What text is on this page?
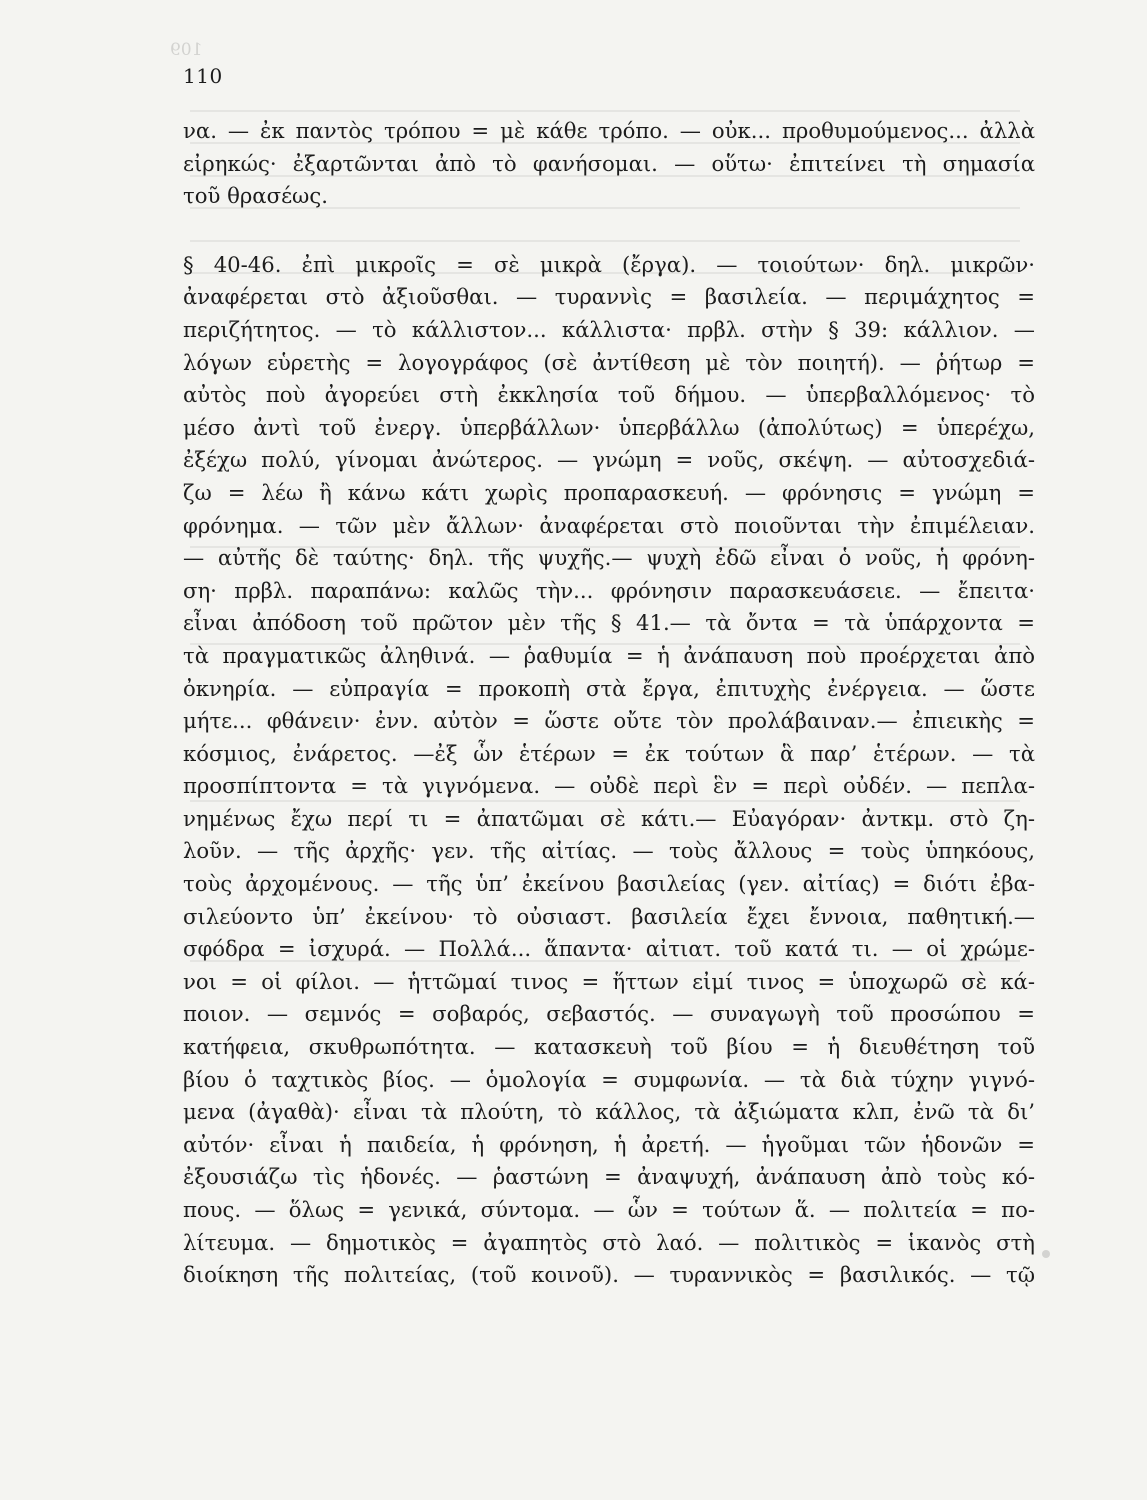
109
110
να. — ἐκ παντὸς τρόπου = μὲ κάθε τρόπο. — οὐκ... προθυμούμενος... ἀλλὰ
εἰρηκώς· ἐξαρτῶνται ἀπὸ τὸ φανήσομαι. — οὕτω· ἐπιτείνει τὴ σημασία
τοῦ θρασέως.
§ 40-46. ἐπὶ μικροῖς = σὲ μικρὰ (ἔργα). — τοιούτων· δηλ. μικρῶν·
ἀναφέρεται στὸ ἀξιοῦσθαι. — τυραννὶς = βασιλεία. — περιμάχητος =
περιζήτητος. — τὸ κάλλιστον... κάλλιστα· πρβλ. στὴν § 39: κάλλιον. —
λόγων εὑρετὴς = λογογράφος (σὲ ἀντίθεση μὲ τὸν ποιητή). — ῥήτωρ =
αὐτὸς ποὺ ἀγορεύει στὴ ἐκκλησία τοῦ δήμου. — ὑπερβαλλόμενος· τὸ
μέσο ἀντὶ τοῦ ἐνεργ. ὑπερβάλλων· ὑπερβάλλω (ἀπολύτως) = ὑπερέχω,
ἐξέχω πολύ, γίνομαι ἀνώτερος. — γνώμη = νοῦς, σκέψη. — αὐτοσχεδιά-
ζω = λέω ἢ κάνω κάτι χωρὶς προπαρασκευή. — φρόνησις = γνώμη =
φρόνημα. — τῶν μὲν ἄλλων· ἀναφέρεται στὸ ποιοῦνται τὴν ἐπιμέλειαν.
— αὐτῆς δὲ ταύτης· δηλ. τῆς ψυχῆς.— ψυχὴ ἐδῶ εἶναι ὁ νοῦς, ἡ φρόνη-
ση· πρβλ. παραπάνω: καλῶς τὴν... φρόνησιν παρασκευάσειε. — ἔπειτα·
εἶναι ἀπόδοση τοῦ πρῶτον μὲν τῆς § 41.— τὰ ὄντα = τὰ ὑπάρχοντα =
τὰ πραγματικῶς ἀληθινά. — ῥαθυμία = ἡ ἀνάπαυση ποὺ προέρχεται ἀπὸ
ὀκνηρία. — εὐπραγία = προκοπὴ στὰ ἔργα, ἐπιτυχὴς ἐνέργεια. — ὥστε
μήτε... φθάνειν· ἐνν. αὐτὸν = ὥστε οὔτε τὸν προλάβαιναν.— ἐπιεικὴς =
κόσμιος, ἐνάρετος. —ἐξ ὧν ἑτέρων = ἐκ τούτων ἃ παρ’ ἑτέρων. — τὰ
προσπίπτοντα = τὰ γιγνόμενα. — οὐδὲ περὶ ἓν = περὶ οὐδέν. — πεπλα-
νημένως ἔχω περί τι = ἀπατῶμαι σὲ κάτι.— Εὐαγόραν· ἀντκμ. στὸ ζη-
λοῦν. — τῆς ἀρχῆς· γεν. τῆς αἰτίας. — τοὺς ἄλλους = τοὺς ὑπηκόους,
τοὺς ἀρχομένους. — τῆς ὑπ’ ἐκείνου βασιλείας (γεν. αἰτίας) = διότι ἐβα-
σιλεύοντο ὑπ’ ἐκείνου· τὸ οὐσιαστ. βασιλεία ἔχει ἔννοια, παθητική.—
σφόδρα = ἰσχυρά. — Πολλά... ἅπαντα· αἰτιατ. τοῦ κατά τι. — οἱ χρώμε-
νοι = οἱ φίλοι. — ἡττῶμαί τινος = ἥττων εἰμί τινος = ὑποχωρῶ σὲ κά-
ποιον. — σεμνός = σοβαρός, σεβαστός. — συναγωγὴ τοῦ προσώπου =
κατήφεια, σκυθρωπότητα. — κατασκευὴ τοῦ βίου = ἡ διευθέτηση τοῦ
βίου ὁ ταχτικὸς βίος. — ὁμολογία = συμφωνία. — τὰ διὰ τύχην γιγνό-
μενα (ἀγαθὰ)· εἶναι τὰ πλούτη, τὸ κάλλος, τὰ ἀξιώματα κλπ, ἐνῶ τὰ δι’
αὐτόν· εἶναι ἡ παιδεία, ἡ φρόνηση, ἡ ἀρετή. — ἡγοῦμαι τῶν ἡδονῶν =
ἐξουσιάζω τὶς ἡδονές. — ῥαστώνη = ἀναψυχή, ἀνάπαυση ἀπὸ τοὺς κό-
πους. — ὅλως = γενικά, σύντομα. — ὧν = τούτων ἅ. — πολιτεία = πο-
λίτευμα. — δημοτικὸς = ἀγαπητὸς στὸ λαό. — πολιτικὸς = ἱκανὸς στὴ
διοίκηση τῆς πολιτείας, (τοῦ κοινοῦ). — τυραννικὸς = βασιλικός. — τῷ
